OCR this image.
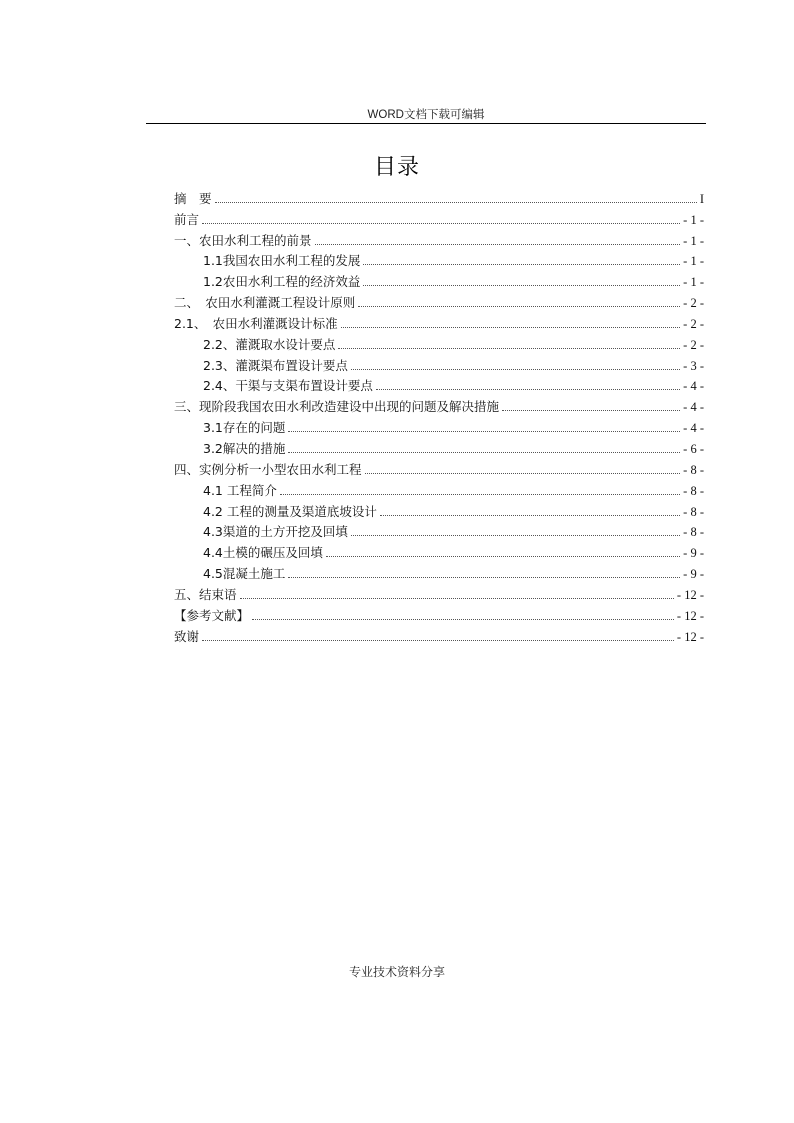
WORD文档下载可编辑
目录
摘　要	I
前言	- 1 -
一、农田水利工程的前景	- 1 -
1.1我国农田水利工程的发展	- 1 -
1.2农田水利工程的经济效益	- 1 -
二、　农田水利灌溉工程设计原则	- 2 -
2.1、　农田水利灌溉设计标准	- 2 -
2.2、灌溉取水设计要点	- 2 -
2.3、灌溉渠布置设计要点	- 3 -
2.4、干渠与支渠布置设计要点	- 4 -
三、现阶段我国农田水利改造建设中出现的问题及解决措施	- 4 -
3.1存在的问题	- 4 -
3.2解决的措施	- 6 -
四、实例分析一小型农田水利工程	- 8 -
4.1 工程简介	- 8 -
4.2 工程的测量及渠道底坡设计	- 8 -
4.3渠道的土方开挖及回填	- 8 -
4.4土模的碾压及回填	- 9 -
4.5混凝土施工	- 9 -
五、结束语	- 12 -
【参考文献】	- 12 -
致谢	- 12 -
专业技术资料分享
